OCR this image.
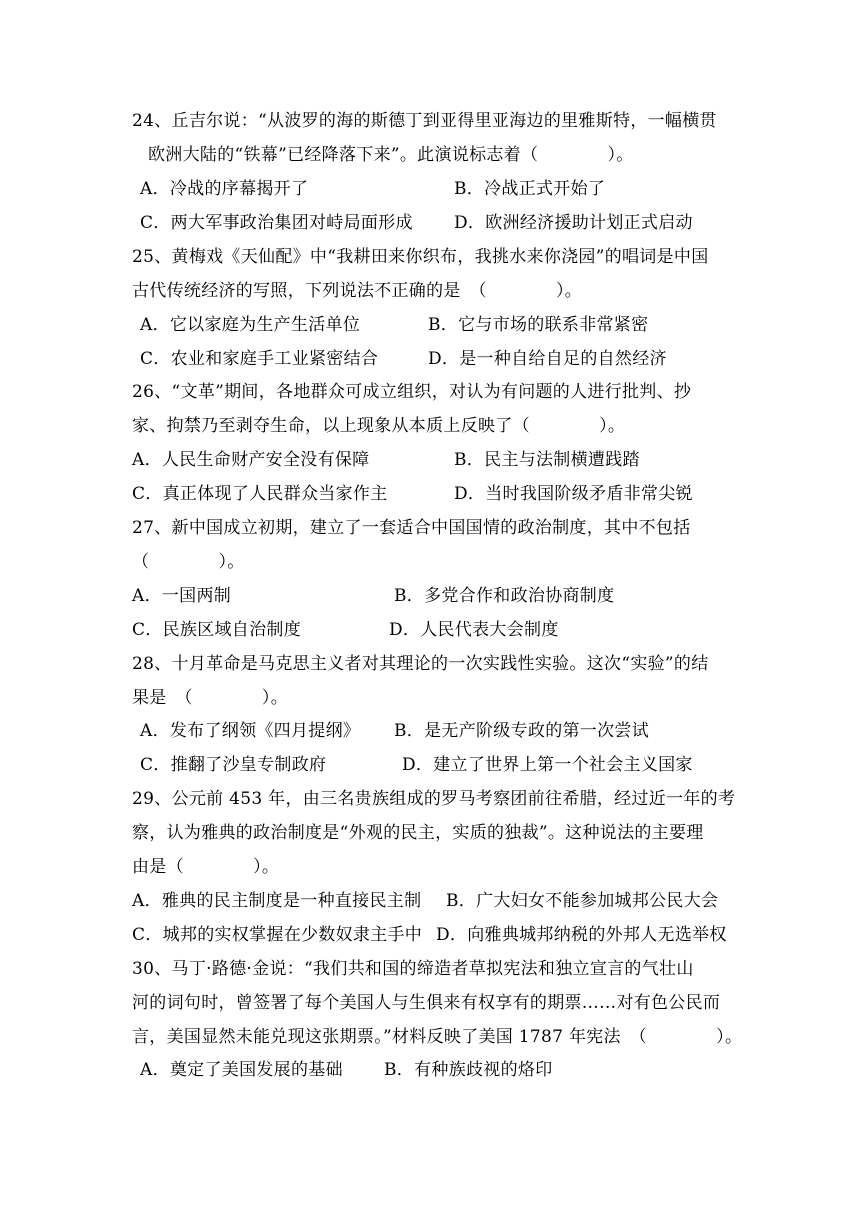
24、丘吉尔说：“从波罗的海的斯德丁到亚得里亚海边的里雅斯特，一幅横贯
欧洲大陆的“铁幕”已经降落下来”。此演说标志着（　　　　）。
A．冷战的序幕揭开了	B．冷战正式开始了
C．两大军事政治集团对峙局面形成 D．欧洲经济援助计划正式启动
25、黄梅戏《天仙配》中“我耕田来你织布，我挑水来你浇园”的唱词是中国
古代传统经济的写照，下列说法不正确的是　（　　　　）。
A．它以家庭为生产生活单位	B．它与市场的联系非常紧密
C．农业和家庭手工业紧密结合	D．是一种自给自足的自然经济
26、“文革”期间，各地群众可成立组织，对认为有问题的人进行批判、抄
家、拘禁乃至剥夺生命，以上现象从本质上反映了（　　　　）。
A．人民生命财产安全没有保障	B．民主与法制横遭践踏
C．真正体现了人民群众当家作主	D．当时我国阶级矛盾非常尖锐
27、新中国成立初期，建立了一套适合中国国情的政治制度，其中不包括
（　　　　）。
A．一国两制	B．多党合作和政治协商制度
C．民族区域自治制度	D．人民代表大会制度
28、十月革命是马克思主义者对其理论的一次实践性实验。这次“实验”的结
果是　（　　　　）。
A．发布了纲领《四月提纲》 B．是无产阶级专政的第一次尝试
C．推翻了沙皇专制政府	D．建立了世界上第一个社会主义国家
29、公元前 453 年，由三名贵族组成的罗马考察团前往希腊，经过近一年的考
察，认为雅典的政治制度是“外观的民主，实质的独裁”。这种说法的主要理
由是（　　　　）。
A．雅典的民主制度是一种直接民主制 B．广大妇女不能参加城邦公民大会
C．城邦的实权掌握在少数奴隶主手中 D．向雅典城邦纳税的外邦人无选举权
30、马丁·路德·金说：“我们共和国的缔造者草拟宪法和独立宣言的气壮山
河的词句时，曾签署了每个美国人与生俱来有权享有的期票……对有色公民而
言，美国显然未能兑现这张期票。”材料反映了美国 1787 年宪法　（　　　　）。
A．奠定了美国发展的基础 B．有种族歧视的烙印
